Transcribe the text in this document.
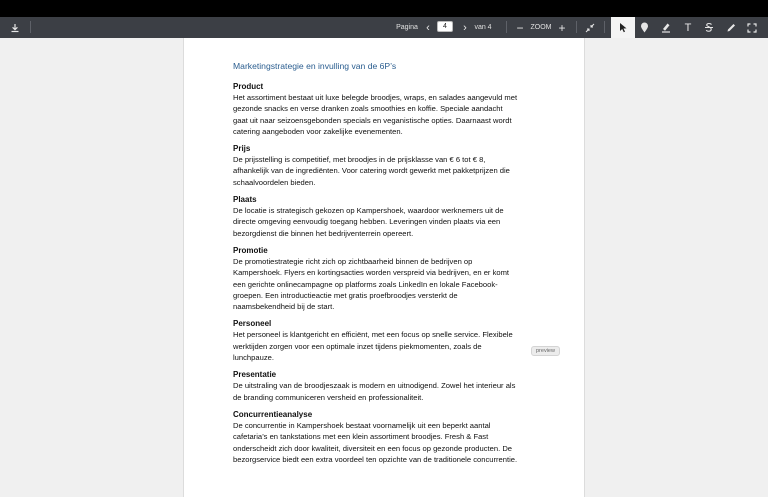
Pagina ‹	› van 4 − ZOOM +
4	T
Marketingstrategie en invulling van de 6P’s
Product
Het assortiment bestaat uit luxe belegde broodjes, wraps, en salades aangevuld met
gezonde snacks en verse dranken zoals smoothies en koffie. Speciale aandacht
gaat uit naar seizoensgebonden specials en veganistische opties. Daarnaast wordt
catering aangeboden voor zakelijke evenementen.
Prijs
De prijsstelling is competitief, met broodjes in de prijsklasse van € 6 tot € 8,
afhankelijk van de ingrediënten. Voor catering wordt gewerkt met pakketprijzen die
schaalvoordelen bieden.
Plaats
De locatie is strategisch gekozen op Kampershoek, waardoor werknemers uit de
directe omgeving eenvoudig toegang hebben. Leveringen vinden plaats via een
bezorgdienst die binnen het bedrijventerrein opereert.
Promotie
De promotiestrategie richt zich op zichtbaarheid binnen de bedrijven op
Kampershoek. Flyers en kortingsacties worden verspreid via bedrijven, en er komt
een gerichte onlinecampagne op platforms zoals LinkedIn en lokale Facebook-
groepen. Een introductieactie met gratis proefbroodjes versterkt de
naamsbekendheid bij de start.
Personeel
Het personeel is klantgericht en efficiënt, met een focus op snelle service. Flexibele
werktijden zorgen voor een optimale inzet tijdens piekmomenten, zoals de
lunchpauze.
Presentatie
De uitstraling van de broodjeszaak is modern en uitnodigend. Zowel het interieur als
de branding communiceren versheid en professionaliteit.
Concurrentieanalyse
De concurrentie in Kampershoek bestaat voornamelijk uit een beperkt aantal
cafetaria’s en tankstations met een klein assortiment broodjes. Fresh & Fast
onderscheidt zich door kwaliteit, diversiteit en een focus op gezonde producten. De
bezorgservice biedt een extra voordeel ten opzichte van de traditionele concurrentie.
preview
